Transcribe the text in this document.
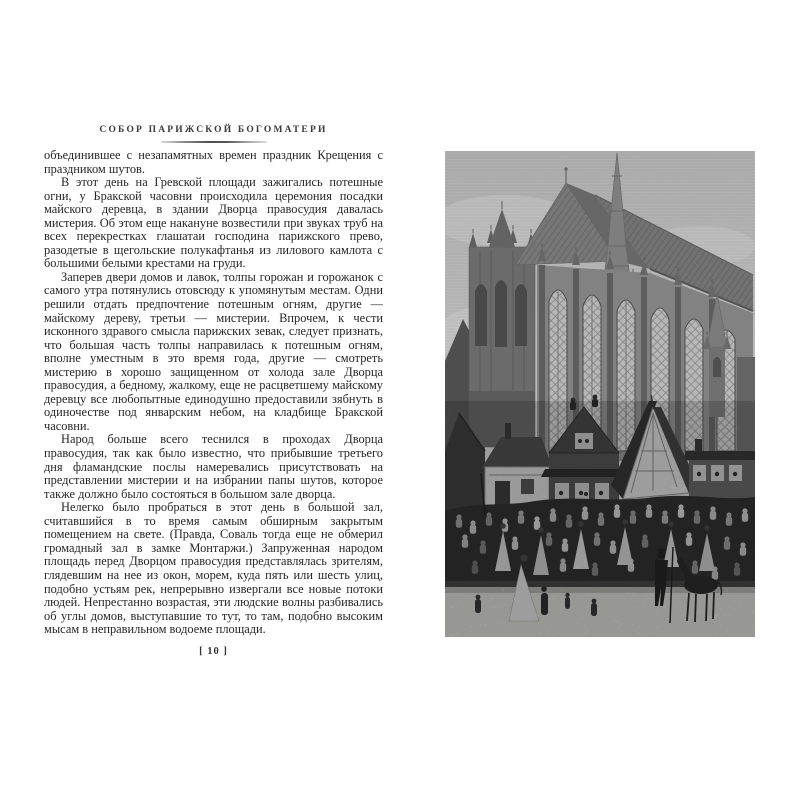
СОБОР ПАРИЖСКОЙ БОГОМАТЕРИ

объединившее с незапамятных времен праздник Крещения с праздником шутов.

В этот день на Гревской площади зажигались потешные огни, у Бракской часовни происходила церемония посадки майского деревца, в здании Дворца правосудия давалась мистерия. Об этом еще накануне возвестили при звуках труб на всех перекрестках глашатаи господина парижского прево, разодетые в щегольские полукафтанья из лилового камлота с большими белыми крестами на груди.

Заперев двери домов и лавок, толпы горожан и горожанок с самого утра потянулись отовсюду к упомянутым местам. Одни решили отдать предпочтение потешным огням, другие — майскому дереву, третьи — мистерии. Впрочем, к чести исконного здравого смысла парижских зевак, следует признать, что большая часть толпы направилась к потешным огням, вполне уместным в это время года, другие — смотреть мистерию в хорошо защищенном от холода зале Дворца правосудия, а бедному, жалкому, еще не расцветшему майскому деревцу все любопытные единодушно предоставили зябнуть в одиночестве под январским небом, на кладбище Бракской часовни.

Народ больше всего теснился в проходах Дворца правосудия, так как было известно, что прибывшие третьего дня фламандские послы намеревались присутствовать на представлении мистерии и на избрании папы шутов, которое также должно было состояться в большом зале дворца.

Нелегко было пробраться в этот день в большой зал, считавшийся в то время самым обширным закрытым помещением на свете. (Правда, Соваль тогда еще не обмерил громадный зал в замке Монтаржи.) Запруженная народом площадь перед Дворцом правосудия представлялась зрителям, глядевшим на нее из окон, морем, куда пять или шесть улиц, подобно устьям рек, непрерывно извергали все новые потоки людей. Непрестанно возрастая, эти людские волны разбивались об углы домов, выступавшие то тут, то там, подобно высоким мысам в неправильном водоеме площади.

[ 10 ]
